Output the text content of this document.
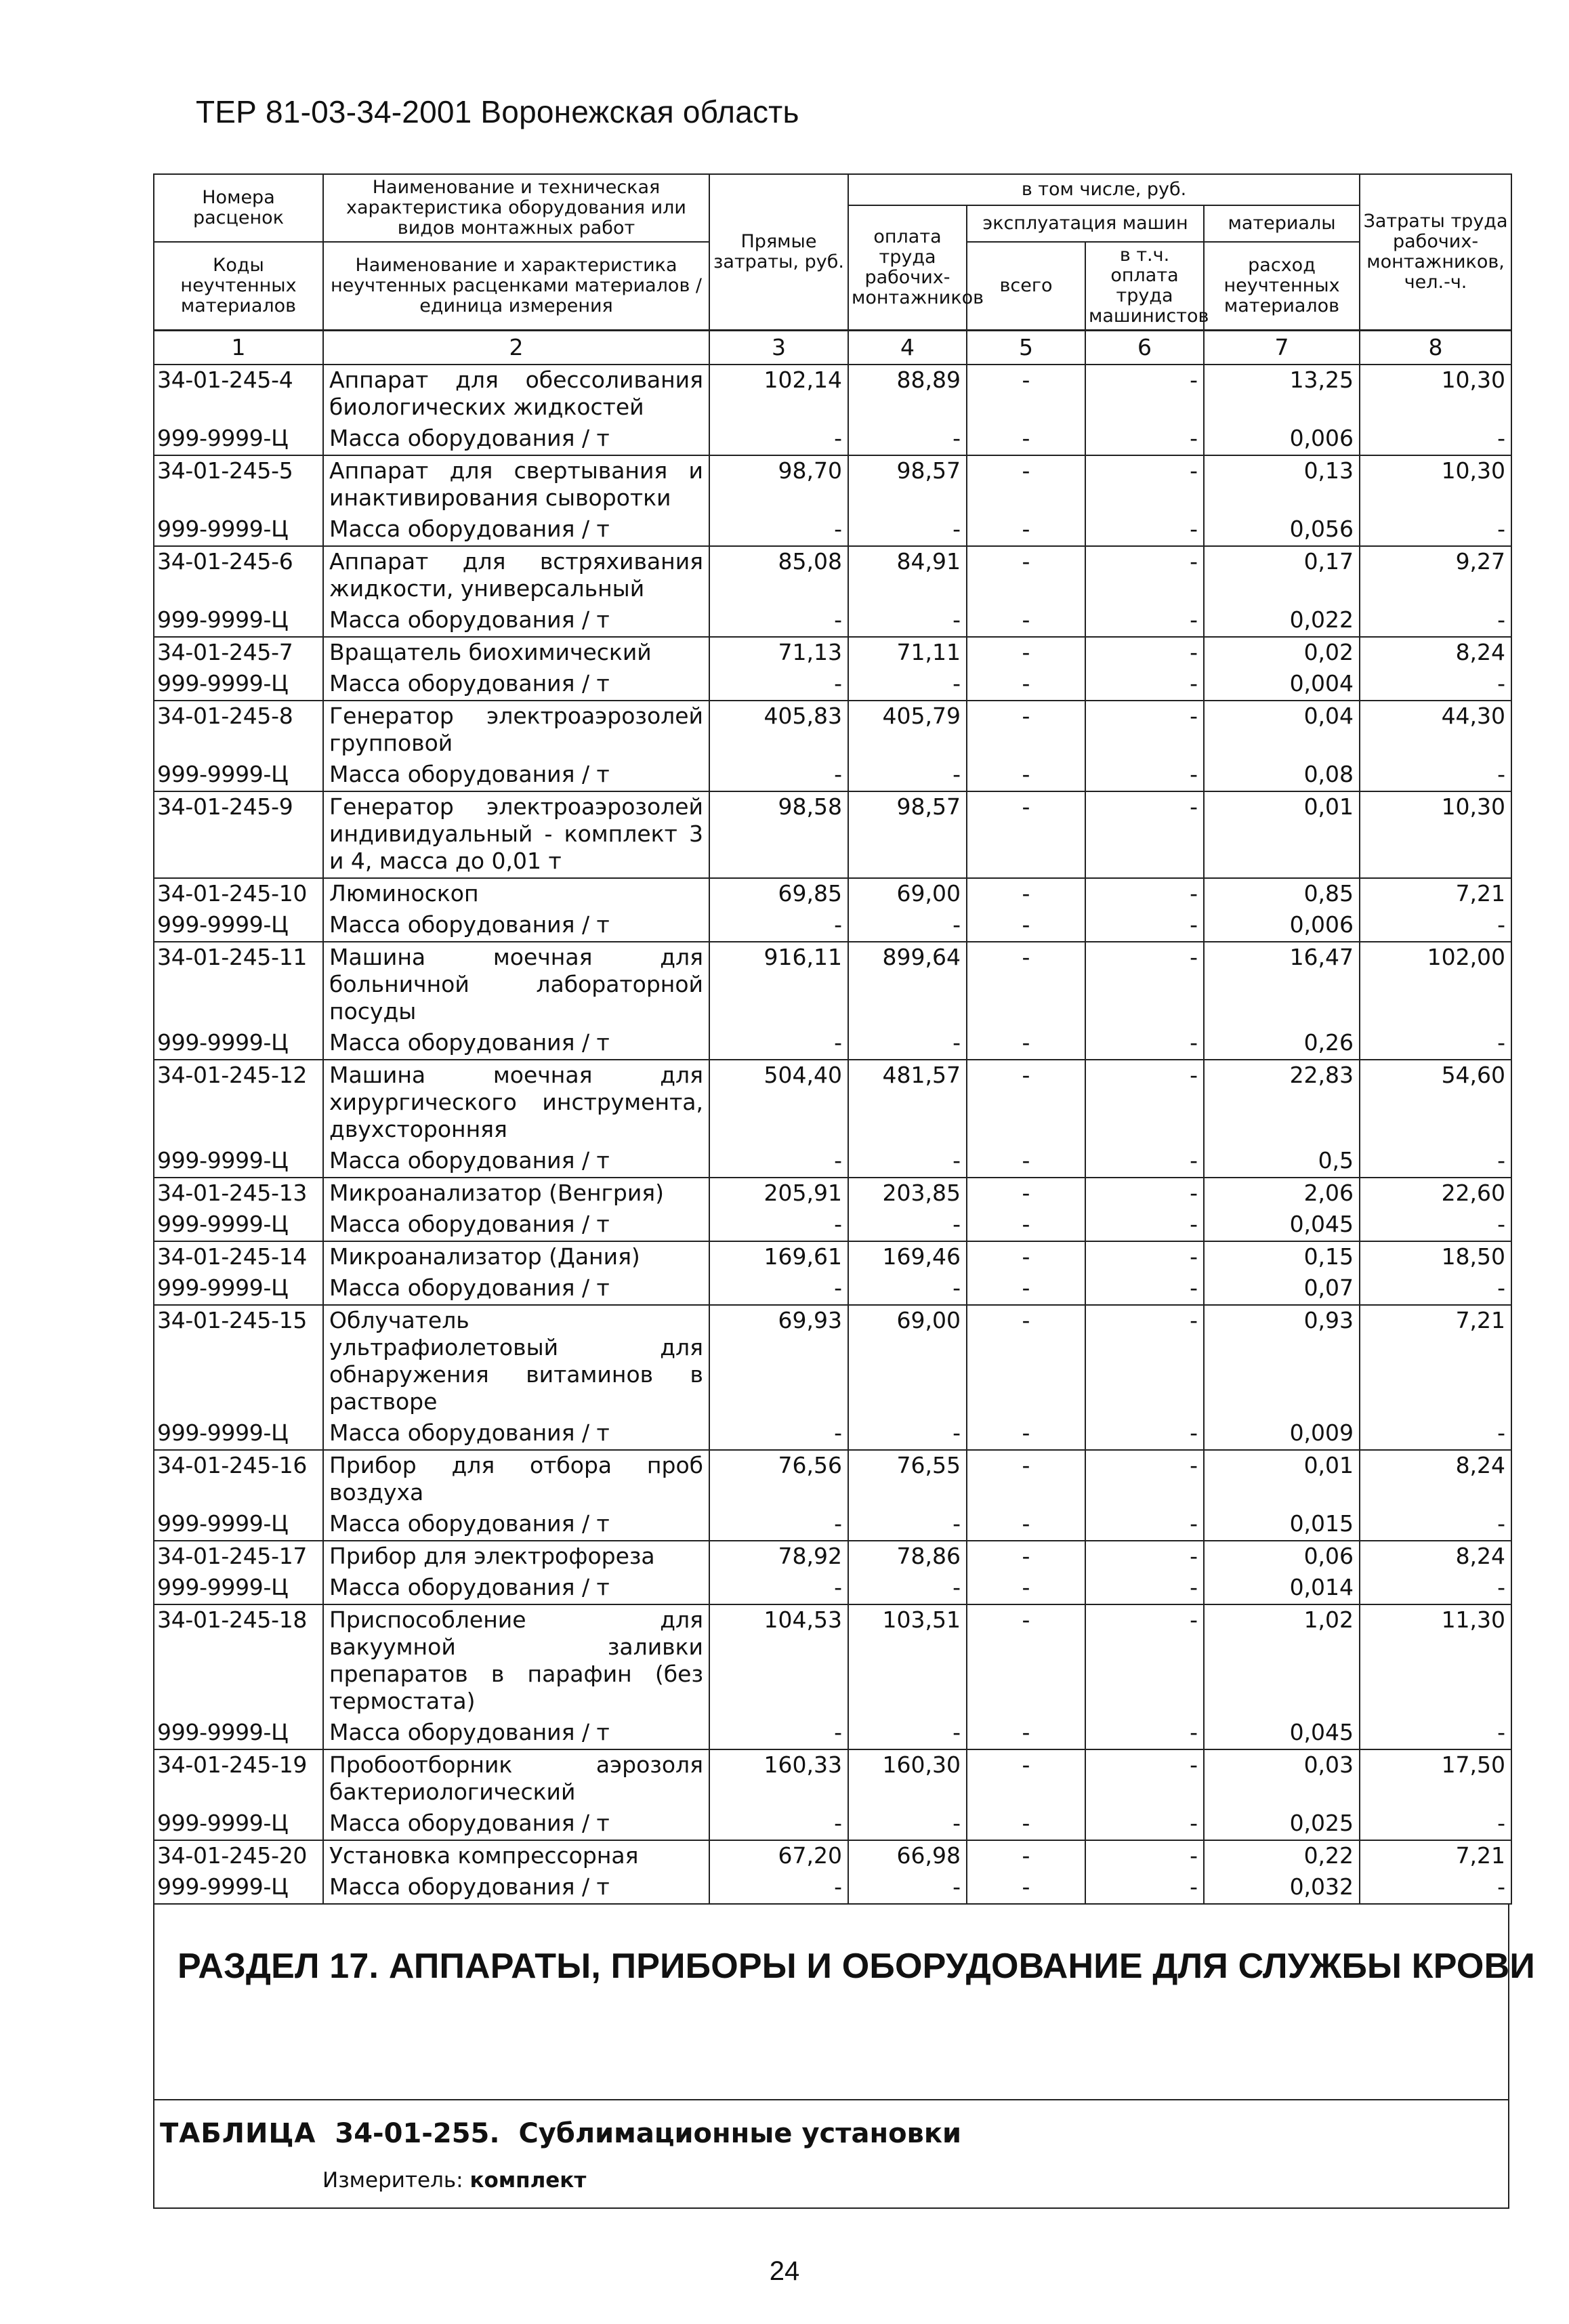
ТЕР 81-03-34-2001 Воронежская область
Номера расценок	Наименование и техническая характеристика оборудования или видов монтажных работ	Прямые затраты, руб.	в том числе, руб.				Затраты труда рабочих-монтажников, чел.-ч.
			оплата труда рабочих-монтажников	эксплуатация машин		материалы	
Коды неучтенных материалов	Наименование и характеристика неучтенных расценками материалов / единица измерения			всего	в т.ч. оплата труда машинистов	расход неучтенных материалов	

1	2	3	4	5	6	7	8
34-01-245-4	Аппарат для обессоливания биологических жидкостей	102,14	88,89	-	-	13,25	10,30
999-9999-Ц	Масса оборудования / т	-	-	-	-	0,006	-
34-01-245-5	Аппарат для свертывания и инактивирования сыворотки	98,70	98,57	-	-	0,13	10,30
999-9999-Ц	Масса оборудования / т	-	-	-	-	0,056	-
34-01-245-6	Аппарат для встряхивания жидкости, универсальный	85,08	84,91	-	-	0,17	9,27
999-9999-Ц	Масса оборудования / т	-	-	-	-	0,022	-
34-01-245-7	Вращатель биохимический	71,13	71,11	-	-	0,02	8,24
999-9999-Ц	Масса оборудования / т	-	-	-	-	0,004	-
34-01-245-8	Генератор электроаэрозолей групповой	405,83	405,79	-	-	0,04	44,30
999-9999-Ц	Масса оборудования / т	-	-	-	-	0,08	-
34-01-245-9	Генератор электроаэрозолей индивидуальный - комплект 3 и 4, масса до 0,01 т	98,58	98,57	-	-	0,01	10,30
34-01-245-10	Люминоскоп	69,85	69,00	-	-	0,85	7,21
999-9999-Ц	Масса оборудования / т	-	-	-	-	0,006	-
34-01-245-11	Машина моечная для больничной лабораторной посуды	916,11	899,64	-	-	16,47	102,00
999-9999-Ц	Масса оборудования / т	-	-	-	-	0,26	-
34-01-245-12	Машина моечная для хирургического инструмента, двухсторонняя	504,40	481,57	-	-	22,83	54,60
999-9999-Ц	Масса оборудования / т	-	-	-	-	0,5	-
34-01-245-13	Микроанализатор (Венгрия)	205,91	203,85	-	-	2,06	22,60
999-9999-Ц	Масса оборудования / т	-	-	-	-	0,045	-
34-01-245-14	Микроанализатор (Дания)	169,61	169,46	-	-	0,15	18,50
999-9999-Ц	Масса оборудования / т	-	-	-	-	0,07	-
34-01-245-15	Облучатель ультрафиолетовый для обнаружения витаминов в растворе	69,93	69,00	-	-	0,93	7,21
999-9999-Ц	Масса оборудования / т	-	-	-	-	0,009	-
34-01-245-16	Прибор для отбора проб воздуха	76,56	76,55	-	-	0,01	8,24
999-9999-Ц	Масса оборудования / т	-	-	-	-	0,015	-
34-01-245-17	Прибор для электрофореза	78,92	78,86	-	-	0,06	8,24
999-9999-Ц	Масса оборудования / т	-	-	-	-	0,014	-
34-01-245-18	Приспособление для вакуумной заливки препаратов в парафин (без термостата)	104,53	103,51	-	-	1,02	11,30
999-9999-Ц	Масса оборудования / т	-	-	-	-	0,045	-
34-01-245-19	Пробоотборник аэрозоля бактериологический	160,33	160,30	-	-	0,03	17,50
999-9999-Ц	Масса оборудования / т	-	-	-	-	0,025	-
34-01-245-20	Установка компрессорная	67,20	66,98	-	-	0,22	7,21
999-9999-Ц	Масса оборудования / т	-	-	-	-	0,032	-
РАЗДЕЛ 17. АППАРАТЫ, ПРИБОРЫ И ОБОРУДОВАНИЕ ДЛЯ СЛУЖБЫ КРОВИ
ТАБЛИЦА 34-01-255. Сублимационные установки
Измеритель: комплект
24
